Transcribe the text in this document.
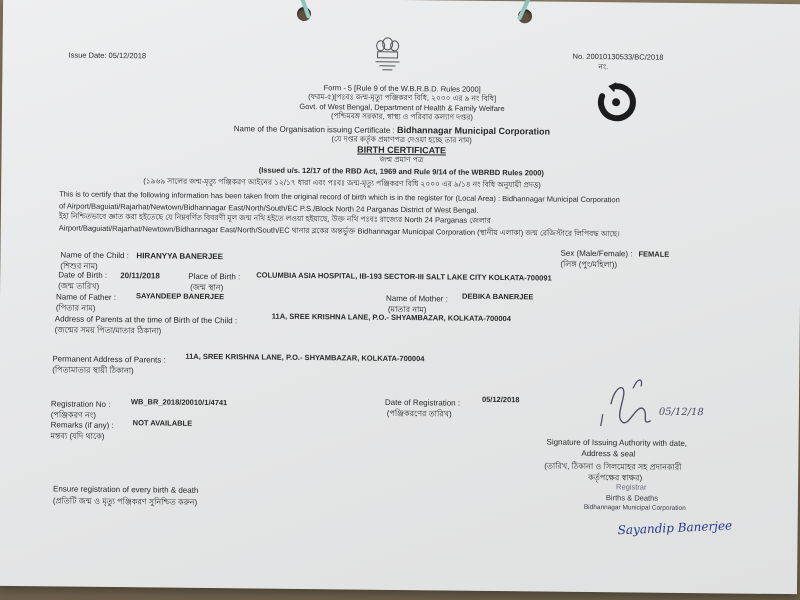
Issue Date: 05/12/2018	No. 20010130533/BC/2018
নং.
Form - 5 [Rule 9 of the W.B.R.B.D. Rules 2000]
(ফরম-৫)[পঃবঃ জন্ম-মৃত্যু পঞ্জিকরণ বিধি, ২০০০ এর ৯ নং বিধি]
Govt. of West Bengal, Department of Health & Family Welfare
(পশ্চিমবঙ্গ সরকার, স্বাস্থ্য ও পরিবার কল্যাণ দপ্তর)
Name of the Organisation issuing Certificate : Bidhannagar Municipal Corporation
(যে দপ্তর কর্তৃক প্রমাণপত্র দেওয়া হচ্ছে তার নাম)
BIRTH CERTIFICATE
জন্ম প্রমাণ পত্র
(Issued u/s. 12/17 of the RBD Act, 1969 and Rule 9/14 of the WBRBD Rules 2000)
(১৯৬৯ সালের জন্ম-মৃত্যু পঞ্জিকরণ আইনের ১২/১৭ ধারা এবং পঃবঃ জন্ম-মৃত্যু পঞ্জিকরণ বিধি ২০০০ এর ৯/১৪ নং বিধি অনুযায়ী প্রদত্ত)
This is to certify that the following information has been taken from the original record of birth which is in the register for (Local Area) : Bidhannagar Municipal Corporation
of Airport/Baguiati/Rajarhat/Newtown/Bidhannagar East/North/South/EC P.S./Block North 24 Parganas District of West Bengal.
ইহা নিশ্চিতভাবে জ্ঞাত করা হইতেছে যে নিম্নবর্ণিত বিবরণী মূল জন্ম নথি হইতে লওয়া হইয়াছে, উক্ত নথি পঃবঃ রাজ্যের North 24 Parganas জেলার
Airport/Baguiati/Rajarhat/Newtown/Bidhannagar East/North/South/EC থানার ব্লকের অন্তর্ভুক্ত Bidhannagar Municipal Corporation (স্থানীয় এলাকা) জন্ম রেজিস্টারে লিপিবদ্ধ আছে।
Name of the Child :
(শিশুর নাম)
HIRANYYA BANERJEE	Sex (Male/Female) :
(লিঙ্গ (পুং/মহিলা))
FEMALE
Date of Birth :
(জন্ম তারিখ)
20/11/2018	Place of Birth :
(জন্ম স্থান)
COLUMBIA ASIA HOSPITAL, IB-193 SECTOR-III SALT LAKE CITY KOLKATA-700091
Name of Father :
(পিতার নাম)
SAYANDEEP BANERJEE	Name of Mother :
(মাতার নাম)
DEBIKA BANERJEE
Address of Parents at the time of Birth of the Child :
(জন্মের সময় পিতা/মাতার ঠিকানা)
11A, SREE KRISHNA LANE, P.O.- SHYAMBAZAR, KOLKATA-700004
Permanent Address of Parents :
(পিতামাতার স্থায়ী ঠিকানা)
11A, SREE KRISHNA LANE, P.O.- SHYAMBAZAR, KOLKATA-700004
Registration No :
(পঞ্জিকরণ নং)
WB_BR_2018/20010/1/4741	Date of Registration :
(পঞ্জিকরণের তারিখ)
05/12/2018
Remarks (if any) :
মন্তব্য (যদি থাকে)
NOT AVAILABLE
Ensure registration of every birth & death
(প্রতিটি জন্ম ও মৃত্যু পঞ্জিকরণ সুনিশ্চিত করুন)
05/12/18
Signature of Issuing Authority with date,
Address & seal
(তারিখ, ঠিকানা ও সিলমোহর সহ প্রদানকারী
কর্তৃপক্ষের স্বাক্ষর)
Registrar
Births & Deaths
Bidhannagar Municipal Corporation
Sayandip Banerjee
